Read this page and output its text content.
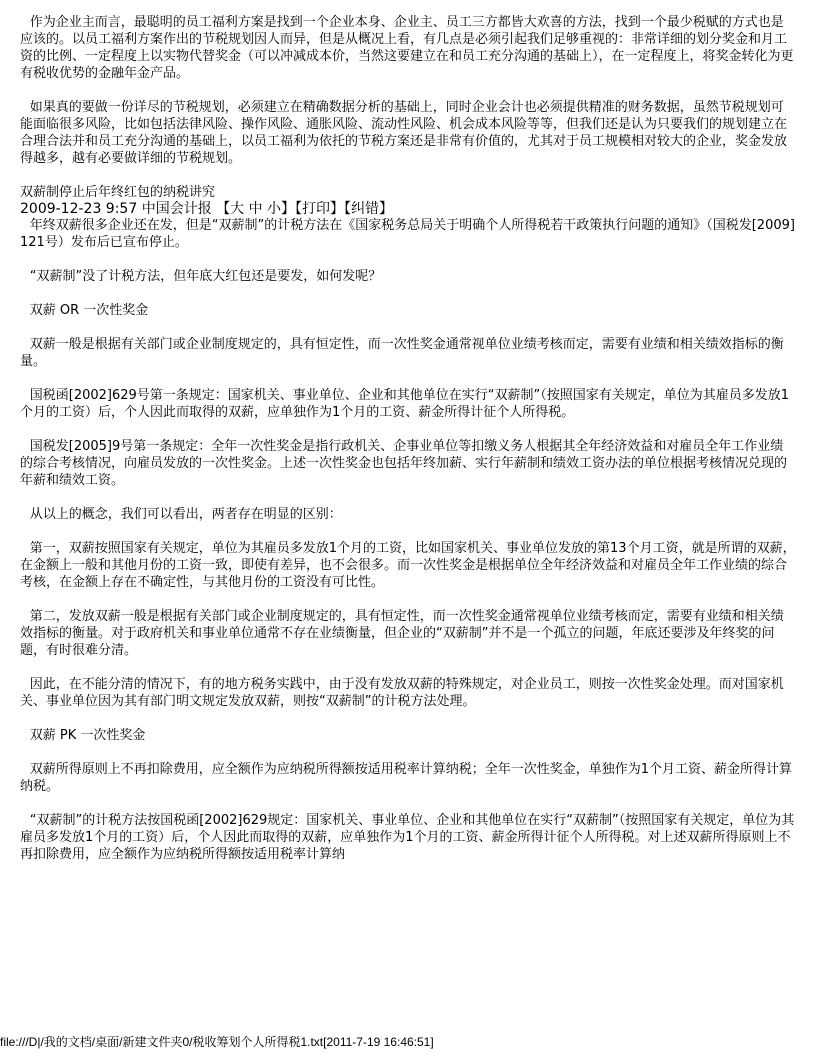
作为企业主而言，最聪明的员工福利方案是找到一个企业本身、企业主、员工三方都皆大欢喜的方法，找到一个最少税赋的方式也是应该的。以员工福利方案作出的节税规划因人而异，但是从概况上看，有几点是必须引起我们足够重视的：非常详细的划分奖金和月工资的比例、一定程度上以实物代替奖金（可以冲减成本价，当然这要建立在和员工充分沟通的基础上），在一定程度上，将奖金转化为更有税收优势的金融年金产品。

如果真的要做一份详尽的节税规划，必须建立在精确数据分析的基础上，同时企业会计也必须提供精准的财务数据，虽然节税规划可能面临很多风险，比如包括法律风险、操作风险、通胀风险、流动性风险、机会成本风险等等，但我们还是认为只要我们的规划建立在合理合法并和员工充分沟通的基础上，以员工福利为依托的节税方案还是非常有价值的，尤其对于员工规模相对较大的企业，奖金发放得越多，越有必要做详细的节税规划。

双薪制停止后年终红包的纳税讲究

2009-12-23 9:57 中国会计报 【大 中 小】【打印】【纠错】

年终双薪很多企业还在发，但是“双薪制”的计税方法在《国家税务总局关于明确个人所得税若干政策执行问题的通知》（国税发[2009]121号）发布后已宣布停止。

“双薪制”没了计税方法，但年底大红包还是要发，如何发呢？

双薪 OR 一次性奖金

双薪一般是根据有关部门或企业制度规定的，具有恒定性，而一次性奖金通常视单位业绩考核而定，需要有业绩和相关绩效指标的衡量。

国税函[2002]629号第一条规定：国家机关、事业单位、企业和其他单位在实行“双薪制”（按照国家有关规定，单位为其雇员多发放1个月的工资）后，个人因此而取得的双薪，应单独作为1个月的工资、薪金所得计征个人所得税。

国税发[2005]9号第一条规定：全年一次性奖金是指行政机关、企事业单位等扣缴义务人根据其全年经济效益和对雇员全年工作业绩的综合考核情况，向雇员发放的一次性奖金。上述一次性奖金也包括年终加薪、实行年薪制和绩效工资办法的单位根据考核情况兑现的年薪和绩效工资。

从以上的概念，我们可以看出，两者存在明显的区别：

第一，双薪按照国家有关规定，单位为其雇员多发放1个月的工资，比如国家机关、事业单位发放的第13个月工资，就是所谓的双薪，在金额上一般和其他月份的工资一致，即使有差异，也不会很多。而一次性奖金是根据单位全年经济效益和对雇员全年工作业绩的综合考核，在金额上存在不确定性，与其他月份的工资没有可比性。

第二，发放双薪一般是根据有关部门或企业制度规定的，具有恒定性，而一次性奖金通常视单位业绩考核而定，需要有业绩和相关绩效指标的衡量。对于政府机关和事业单位通常不存在业绩衡量，但企业的“双薪制”并不是一个孤立的问题，年底还要涉及年终奖的问题，有时很难分清。

因此，在不能分清的情况下，有的地方税务实践中，由于没有发放双薪的特殊规定，对企业员工，则按一次性奖金处理。而对国家机关、事业单位因为其有部门明文规定发放双薪，则按“双薪制”的计税方法处理。

双薪 PK 一次性奖金

双薪所得原则上不再扣除费用，应全额作为应纳税所得额按适用税率计算纳税；全年一次性奖金，单独作为1个月工资、薪金所得计算纳税。

“双薪制”的计税方法按国税函[2002]629规定：国家机关、事业单位、企业和其他单位在实行“双薪制”（按照国家有关规定，单位为其雇员多发放1个月的工资）后，个人因此而取得的双薪，应单独作为1个月的工资、薪金所得计征个人所得税。对上述双薪所得原则上不再扣除费用，应全额作为应纳税所得额按适用税率计算纳

file:///D|/我的文档/桌面/新建文件夹0/税收筹划个人所得税1.txt[2011-7-19 16:46:51]
